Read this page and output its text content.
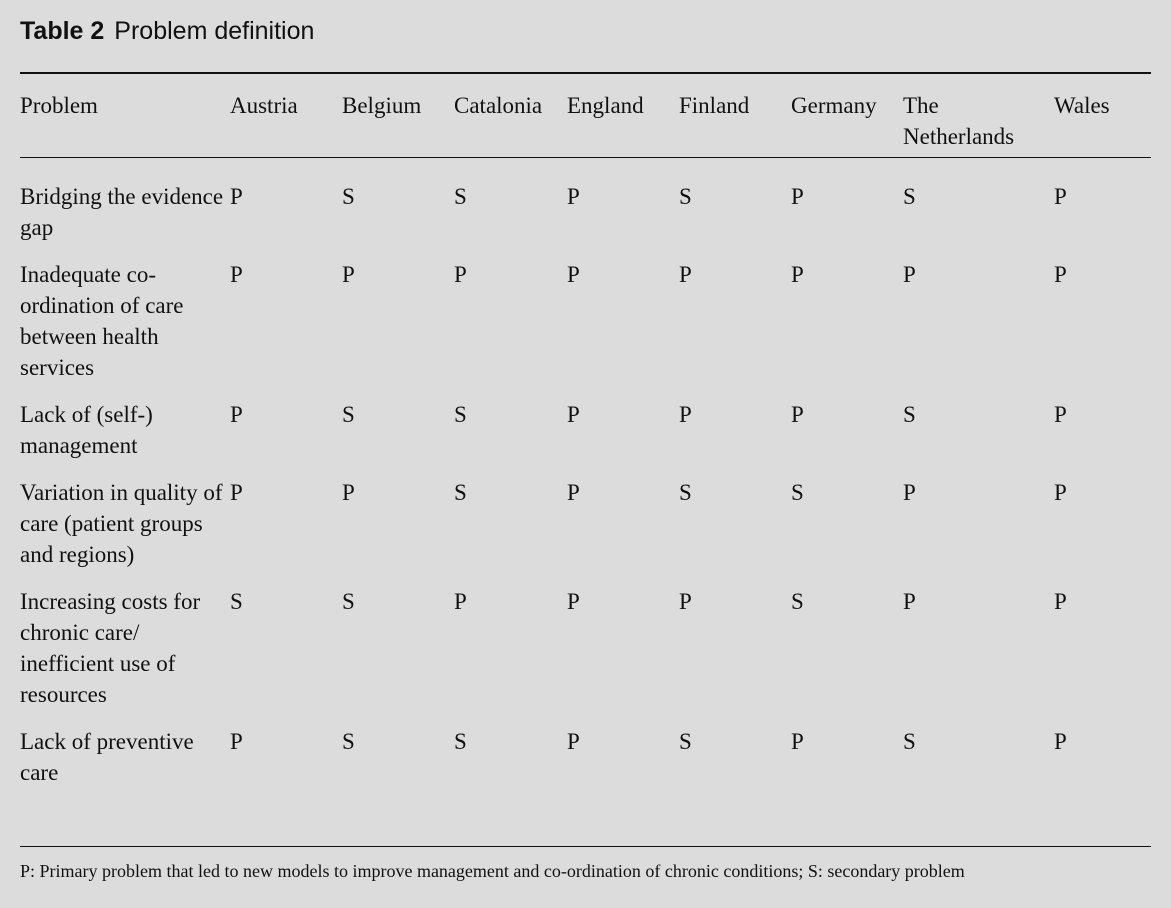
Table 2 Problem definition
Problem	Austria	Belgium	Catalonia	England	Finland	Germany	The Netherlands	Wales
Bridging the evidence gap	P	S	S	P	S	P	S	P
Inadequate co-ordination of care between health services	P	P	P	P	P	P	P	P
Lack of (self-) management	P	S	S	P	P	P	S	P
Variation in quality of care (patient groups and regions)	P	P	S	P	S	S	P	P
Increasing costs for chronic care/ inefficient use of resources	S	S	P	P	P	S	P	P
Lack of preventive care	P	S	S	P	S	P	S	P
P: Primary problem that led to new models to improve management and co-ordination of chronic conditions; S: secondary problem
